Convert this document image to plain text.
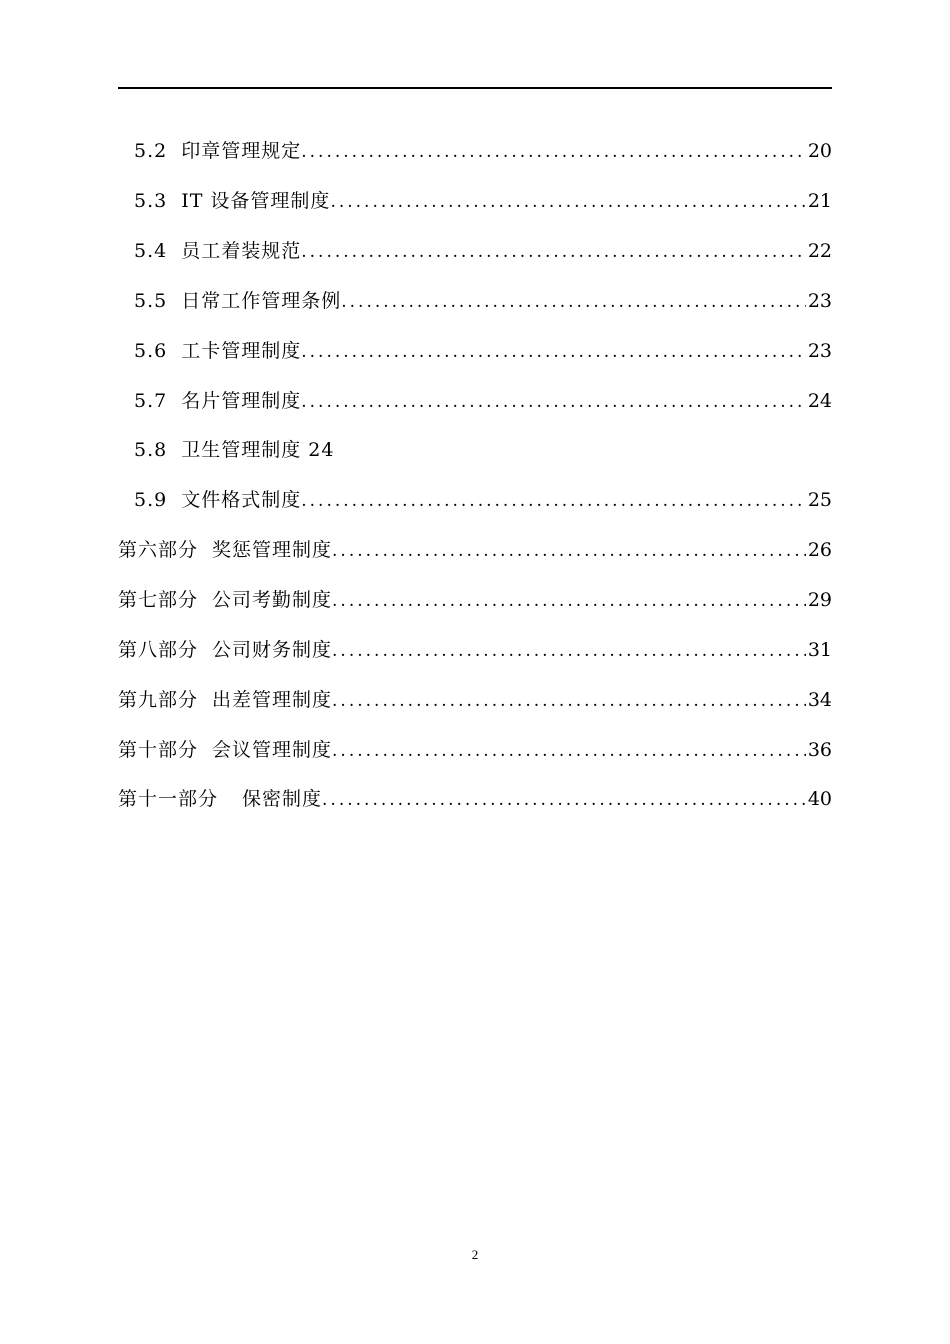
5.2 印章管理规定 .....	20
5.3 IT 设备管理制度 .....	21
5.4 员工着装规范 .....	22
5.5 日常工作管理条例 .....	23
5.6 工卡管理制度 .....	23
5.7 名片管理制度 .....	24
5.8 卫生管理制度 24
5.9 文件格式制度 .....	25
第六部分 奖惩管理制度 .....	26
第七部分 公司考勤制度 .....	29
第八部分 公司财务制度 .....	31
第九部分 出差管理制度 .....	34
第十部分 会议管理制度 .....	36
第十一部分 保密制度 .....	40
2
